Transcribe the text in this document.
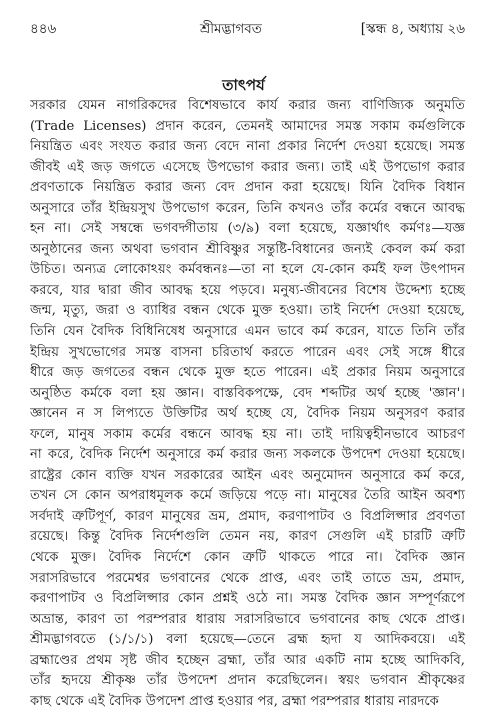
৪৪৬	শ্রীমদ্ভাগবত	[স্কন্ধ ৪, অধ্যায় ২৬
তাৎপর্য
সরকার যেমন নাগরিকদের বিশেষভাবে কার্য করার জন্য বাণিজ্যিক অনুমতি
(Trade Licenses) প্রদান করেন, তেমনই আমাদের সমস্ত সকাম কর্মগুলিকে
নিয়ন্ত্রিত এবং সংযত করার জন্য বেদে নানা প্রকার নির্দেশ দেওয়া হয়েছে। সমস্ত
জীবই এই জড় জগতে এসেছে উপভোগ করার জন্য। তাই এই উপভোগ করার
প্রবণতাকে নিয়ন্ত্রিত করার জন্য বেদ প্রদান করা হয়েছে। যিনি বৈদিক বিধান
অনুসারে তাঁর ইন্দ্রিয়সুখ উপভোগ করেন, তিনি কখনও তাঁর কর্মের বন্ধনে আবদ্ধ
হন না। সেই সম্বন্ধে ভগবদ্গীতায় (৩/৯) বলা হয়েছে, যজ্ঞার্থাৎ কর্মণঃ—যজ্ঞ
অনুষ্ঠানের জন্য অথবা ভগবান শ্রীবিষ্ণুর সন্তুষ্টি-বিধানের জন্যই কেবল কর্ম করা
উচিত। অন্যত্র লোকোঽয়ং কর্মবন্ধনঃ—তা না হলে যে-কোন কর্মই ফল উৎপাদন
করবে, যার দ্বারা জীব আবদ্ধ হয়ে পড়বে। মনুষ্য-জীবনের বিশেষ উদ্দেশ্য হচ্ছে
জন্ম, মৃত্যু, জরা ও ব্যাধির বন্ধন থেকে মুক্ত হওয়া। তাই নির্দেশ দেওয়া হয়েছে,
তিনি যেন বৈদিক বিধিনিষেধ অনুসারে এমন ভাবে কর্ম করেন, যাতে তিনি তাঁর
ইন্দ্রিয় সুখভোগের সমস্ত বাসনা চরিতার্থ করতে পারেন এবং সেই সঙ্গে ধীরে
ধীরে জড় জগতের বন্ধন থেকে মুক্ত হতে পারেন। এই প্রকার নিয়ম অনুসারে
অনুষ্ঠিত কর্মকে বলা হয় জ্ঞান। বাস্তবিকপক্ষে, বেদ শব্দটির অর্থ হচ্ছে 'জ্ঞান'।
জ্ঞানেন ন স লিপ্যতে উক্তিটির অর্থ হচ্ছে যে, বৈদিক নিয়ম অনুসরণ করার
ফলে, মানুষ সকাম কর্মের বন্ধনে আবদ্ধ হয় না। তাই দায়িত্বহীনভাবে আচরণ
না করে, বৈদিক নির্দেশ অনুসারে কর্ম করার জন্য সকলকে উপদেশ দেওয়া হয়েছে।
রাষ্ট্রের কোন ব্যক্তি যখন সরকারের আইন এবং অনুমোদন অনুসারে কর্ম করে,
তখন সে কোন অপরাধমূলক কর্মে জড়িয়ে পড়ে না। মানুষের তৈরি আইন অবশ্য
সর্বদাই ত্রুটিপূর্ণ, কারণ মানুষের ভ্রম, প্রমাদ, করণাপাটব ও বিপ্রলিপ্সার প্রবণতা
রয়েছে। কিন্তু বৈদিক নির্দেশগুলি তেমন নয়, কারণ সেগুলি এই চারটি ত্রুটি
থেকে মুক্ত। বৈদিক নির্দেশে কোন ত্রুটি থাকতে পারে না। বৈদিক জ্ঞান
সরাসরিভাবে পরমেশ্বর ভগবানের থেকে প্রাপ্ত, এবং তাই তাতে ভ্রম, প্রমাদ,
করণাপাটব ও বিপ্রলিপ্সার কোন প্রশ্নই ওঠে না। সমস্ত বৈদিক জ্ঞান সম্পূর্ণরূপে
অভ্রান্ত, কারণ তা পরম্পরার ধারায় সরাসরিভাবে ভগবানের কাছ থেকে প্রাপ্ত।
শ্রীমদ্ভাগবতে (১/১/১) বলা হয়েছে—তেনে ব্রহ্ম হৃদা য আদিকবয়ে। এই
ব্রহ্মাণ্ডের প্রথম সৃষ্ট জীব হচ্ছেন ব্রহ্মা, তাঁর আর একটি নাম হচ্ছে আদিকবি,
তাঁর হৃদয়ে শ্রীকৃষ্ণ তাঁর উপদেশ প্রদান করেছিলেন। স্বয়ং ভগবান শ্রীকৃষ্ণের
কাছ থেকে এই বৈদিক উপদেশ প্রাপ্ত হওয়ার পর, ব্রহ্মা পরম্পরার ধারায় নারদকে
